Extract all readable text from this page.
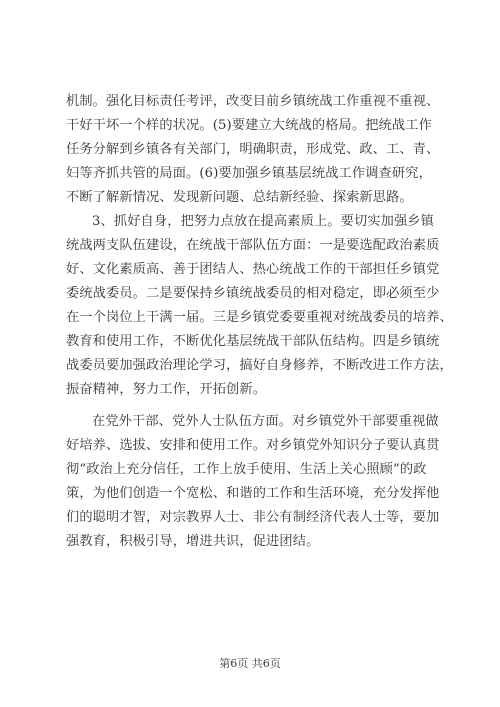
机制。强化目标责任考评，改变目前乡镇统战工作重视不重视、
干好干坏一个样的状况。(5)要建立大统战的格局。把统战工作
任务分解到乡镇各有关部门，明确职责，形成党、政、工、青、
妇等齐抓共管的局面。(6)要加强乡镇基层统战工作调查研究，
不断了解新情况、发现新问题、总结新经验、探索新思路。
3、抓好自身，把努力点放在提高素质上。要切实加强乡镇
统战两支队伍建设，在统战干部队伍方面：一是要选配政治素质
好、文化素质高、善于团结人、热心统战工作的干部担任乡镇党
委统战委员。二是要保持乡镇统战委员的相对稳定，即必须至少
在一个岗位上干满一届。三是乡镇党委要重视对统战委员的培养、
教育和使用工作，不断优化基层统战干部队伍结构。四是乡镇统
战委员要加强政治理论学习，搞好自身修养，不断改进工作方法，
振奋精神，努力工作，开拓创新。
在党外干部、党外人士队伍方面。对乡镇党外干部要重视做
好培养、选拔、安排和使用工作。对乡镇党外知识分子要认真贯
彻“政治上充分信任，工作上放手使用、生活上关心照顾”的政
策，为他们创造一个宽松、和谐的工作和生活环境，充分发挥他
们的聪明才智，对宗教界人士、非公有制经济代表人士等，要加
强教育，积极引导，增进共识，促进团结。
第6页 共6页
